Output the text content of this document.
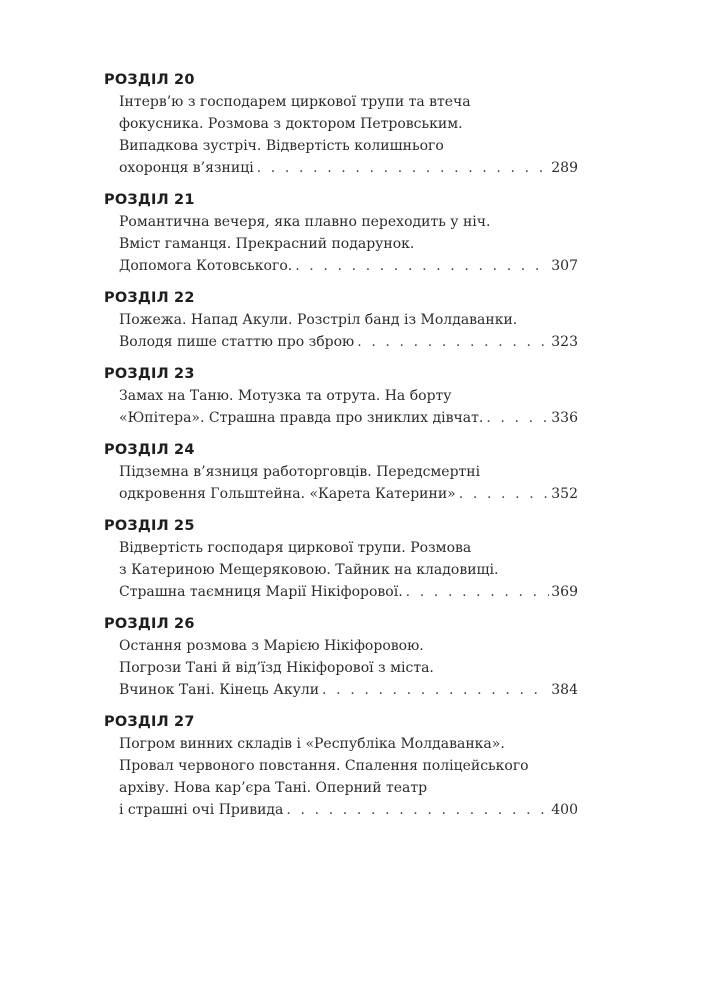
РОЗДІЛ 20
Інтерв’ю з господарем циркової трупи та втеча
фокусника. Розмова з доктором Петровським.
Випадкова зустріч. Відвертість колишнього
охоронця в’язниці . . .	289
РОЗДІЛ 21
Романтична вечеря, яка плавно переходить у ніч.
Вміст гаманця. Прекрасний подарунок.
Допомога Котовського. . . .	307
РОЗДІЛ 22
Пожежа. Напад Акули. Розстріл банд із Молдаванки.
Володя пише статтю про зброю . . .	323
РОЗДІЛ 23
Замах на Таню. Мотузка та отрута. На борту
«Юпітера». Страшна правда про зниклих дівчат. . . .	336
РОЗДІЛ 24
Підземна в’язниця работорговців. Передсмертні
одкровення Гольштейна. «Карета Катерини» . . .	352
РОЗДІЛ 25
Відвертість господаря циркової трупи. Розмова
з Катериною Мещеряковою. Тайник на кладовищі.
Страшна таємниця Марії Нікіфорової. . . .	369
РОЗДІЛ 26
Остання розмова з Марією Нікіфоровою.
Погрози Тані й від’їзд Нікіфорової з міста.
Вчинок Тані. Кінець Акули . . .	384
РОЗДІЛ 27
Погром винних складів і «Республіка Молдаванка».
Провал червоного повстання. Спалення поліцейського
архіву. Нова кар’єра Тані. Оперний театр
і страшні очі Привида . . .	400
